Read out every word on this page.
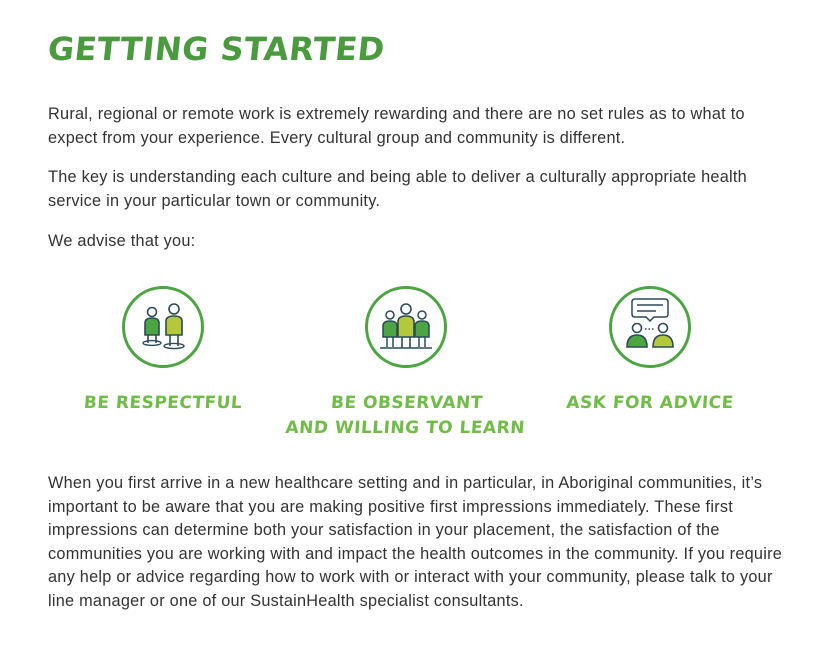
GETTING STARTED

Rural, regional or remote work is extremely rewarding and there are no set rules as to what to expect from your experience. Every cultural group and community is different.

The key is understanding each culture and being able to deliver a culturally appropriate health service in your particular town or community.

We advise that you:

BE RESPECTFUL	BE OBSERVANT
AND WILLING TO LEARN
ASK FOR ADVICE

When you first arrive in a new healthcare setting and in particular, in Aboriginal communities, it’s important to be aware that you are making positive first impressions immediately. These first impressions can determine both your satisfaction in your placement, the satisfaction of the communities you are working with and impact the health outcomes in the community. If you require any help or advice regarding how to work with or interact with your community, please talk to your line manager or one of our SustainHealth specialist consultants.
